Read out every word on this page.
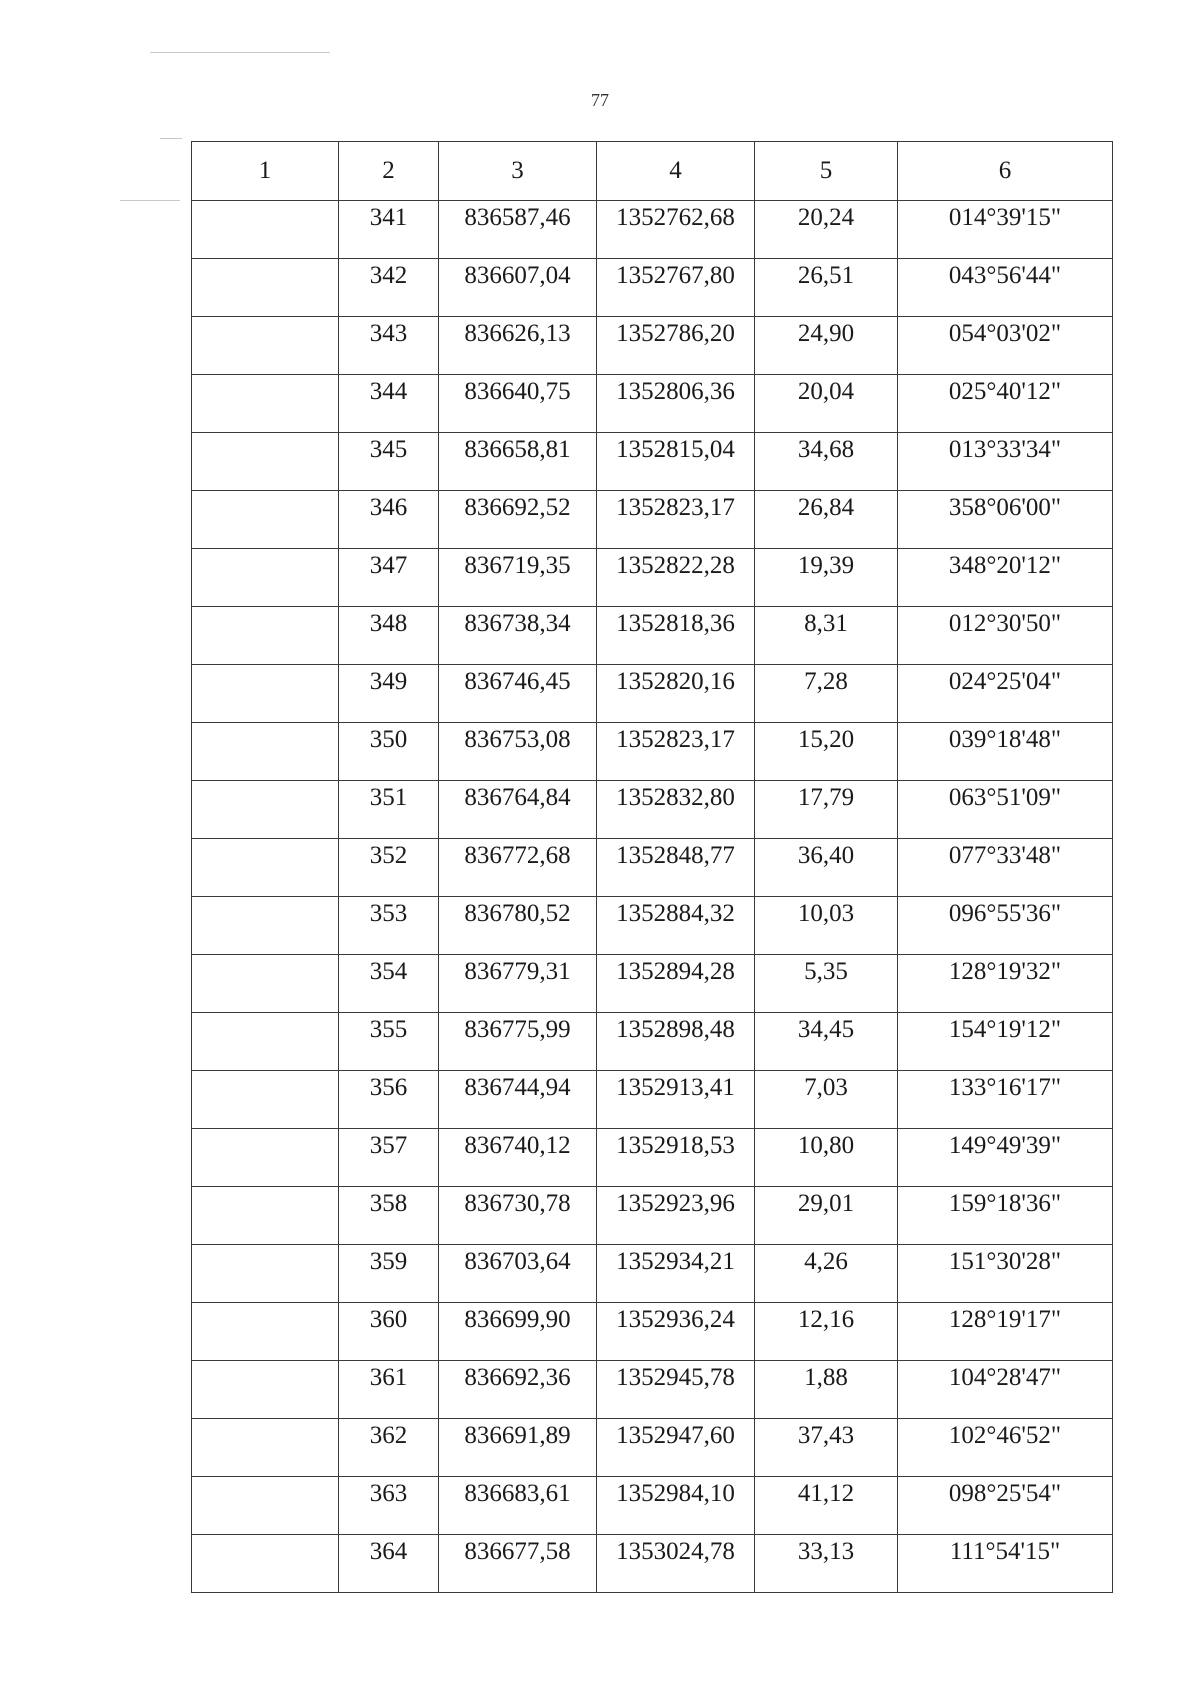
77
1	2	3	4	5	6
	341	836587,46	1352762,68	20,24	014°39'15"
	342	836607,04	1352767,80	26,51	043°56'44"
	343	836626,13	1352786,20	24,90	054°03'02"
	344	836640,75	1352806,36	20,04	025°40'12"
	345	836658,81	1352815,04	34,68	013°33'34"
	346	836692,52	1352823,17	26,84	358°06'00"
	347	836719,35	1352822,28	19,39	348°20'12"
	348	836738,34	1352818,36	8,31	012°30'50"
	349	836746,45	1352820,16	7,28	024°25'04"
	350	836753,08	1352823,17	15,20	039°18'48"
	351	836764,84	1352832,80	17,79	063°51'09"
	352	836772,68	1352848,77	36,40	077°33'48"
	353	836780,52	1352884,32	10,03	096°55'36"
	354	836779,31	1352894,28	5,35	128°19'32"
	355	836775,99	1352898,48	34,45	154°19'12"
	356	836744,94	1352913,41	7,03	133°16'17"
	357	836740,12	1352918,53	10,80	149°49'39"
	358	836730,78	1352923,96	29,01	159°18'36"
	359	836703,64	1352934,21	4,26	151°30'28"
	360	836699,90	1352936,24	12,16	128°19'17"
	361	836692,36	1352945,78	1,88	104°28'47"
	362	836691,89	1352947,60	37,43	102°46'52"
	363	836683,61	1352984,10	41,12	098°25'54"
	364	836677,58	1353024,78	33,13	111°54'15"
